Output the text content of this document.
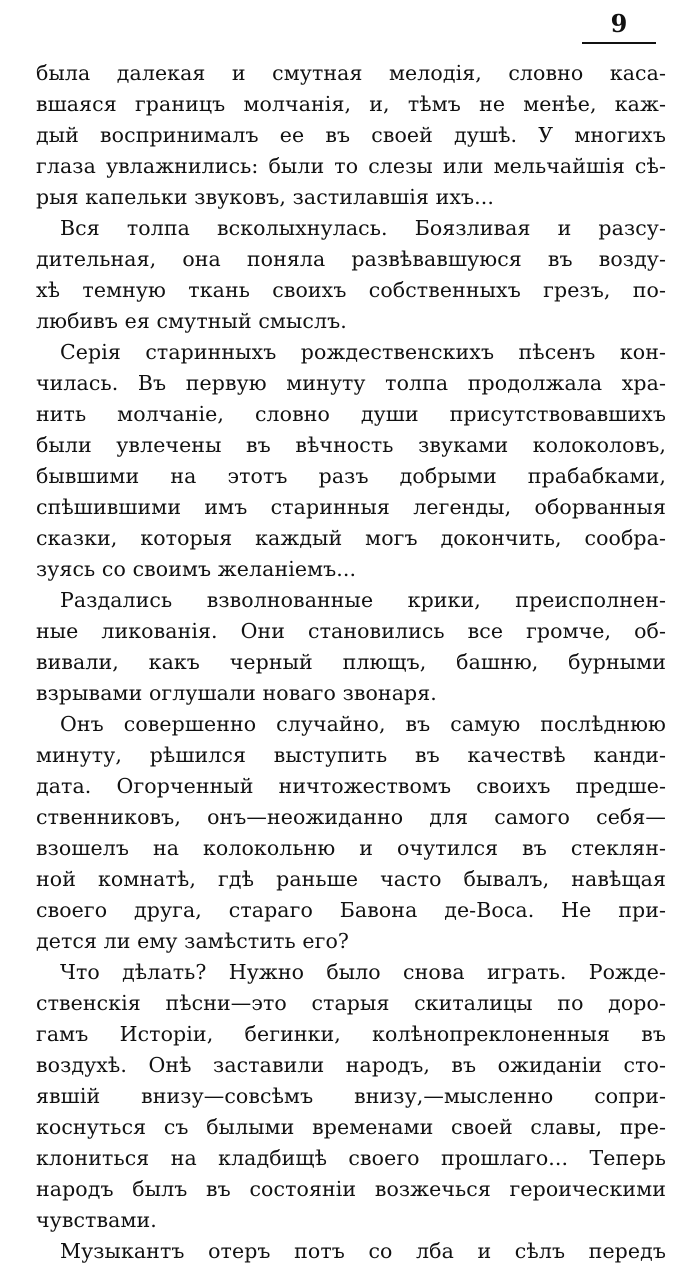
9
была далекая и смутная мелодія, словно каса-
вшаяся границъ молчанія, и, тѣмъ не менѣе, каж-
дый воспринималъ ее въ своей душѣ. У многихъ
глаза увлажнились: были то слезы или мельчайшія сѣ-
рыя капельки звуковъ, застилавшія ихъ...
Вся толпа всколыхнулась. Боязливая и разсу-
дительная, она поняла развѣвавшуюся въ возду-
хѣ темную ткань своихъ собственныхъ грезъ, по-
любивъ ея смутный смыслъ.
Серія старинныхъ рождественскихъ пѣсенъ кон-
чилась. Въ первую минуту толпа продолжала хра-
нить молчаніе, словно души присутствовавшихъ
были увлечены въ вѣчность звуками колоколовъ,
бывшими на этотъ разъ добрыми прабабками,
спѣшившими имъ старинныя легенды, оборванныя
сказки, которыя каждый могъ докончить, сообра-
зуясь со своимъ желаніемъ...
Раздались взволнованные крики, преисполнен-
ные ликованія. Они становились все громче, об-
вивали, какъ черный плющъ, башню, бурными
взрывами оглушали новаго звонаря.
Онъ совершенно случайно, въ самую послѣднюю
минуту, рѣшился выступить въ качествѣ канди-
дата. Огорченный ничтожествомъ своихъ предше-
ственниковъ, онъ—неожиданно для самого себя—
взошелъ на колокольню и очутился въ стеклян-
ной комнатѣ, гдѣ раньше часто бывалъ, навѣщая
своего друга, стараго Бавона де-Воса. Не при-
дется ли ему замѣстить его?
Что дѣлать? Нужно было снова играть. Рожде-
ственскія пѣсни—это старыя скиталицы по доро-
гамъ Исторіи, бегинки, колѣнопреклоненныя въ
воздухѣ. Онѣ заставили народъ, въ ожиданіи сто-
явшій внизу—совсѣмъ внизу,—мысленно сопри-
коснуться съ былыми временами своей славы, пре-
клониться на кладбищѣ своего прошлаго... Теперь
народъ былъ въ состояніи возжечься героическими
чувствами.
Музыкантъ отеръ потъ со лба и сѣлъ передъ
